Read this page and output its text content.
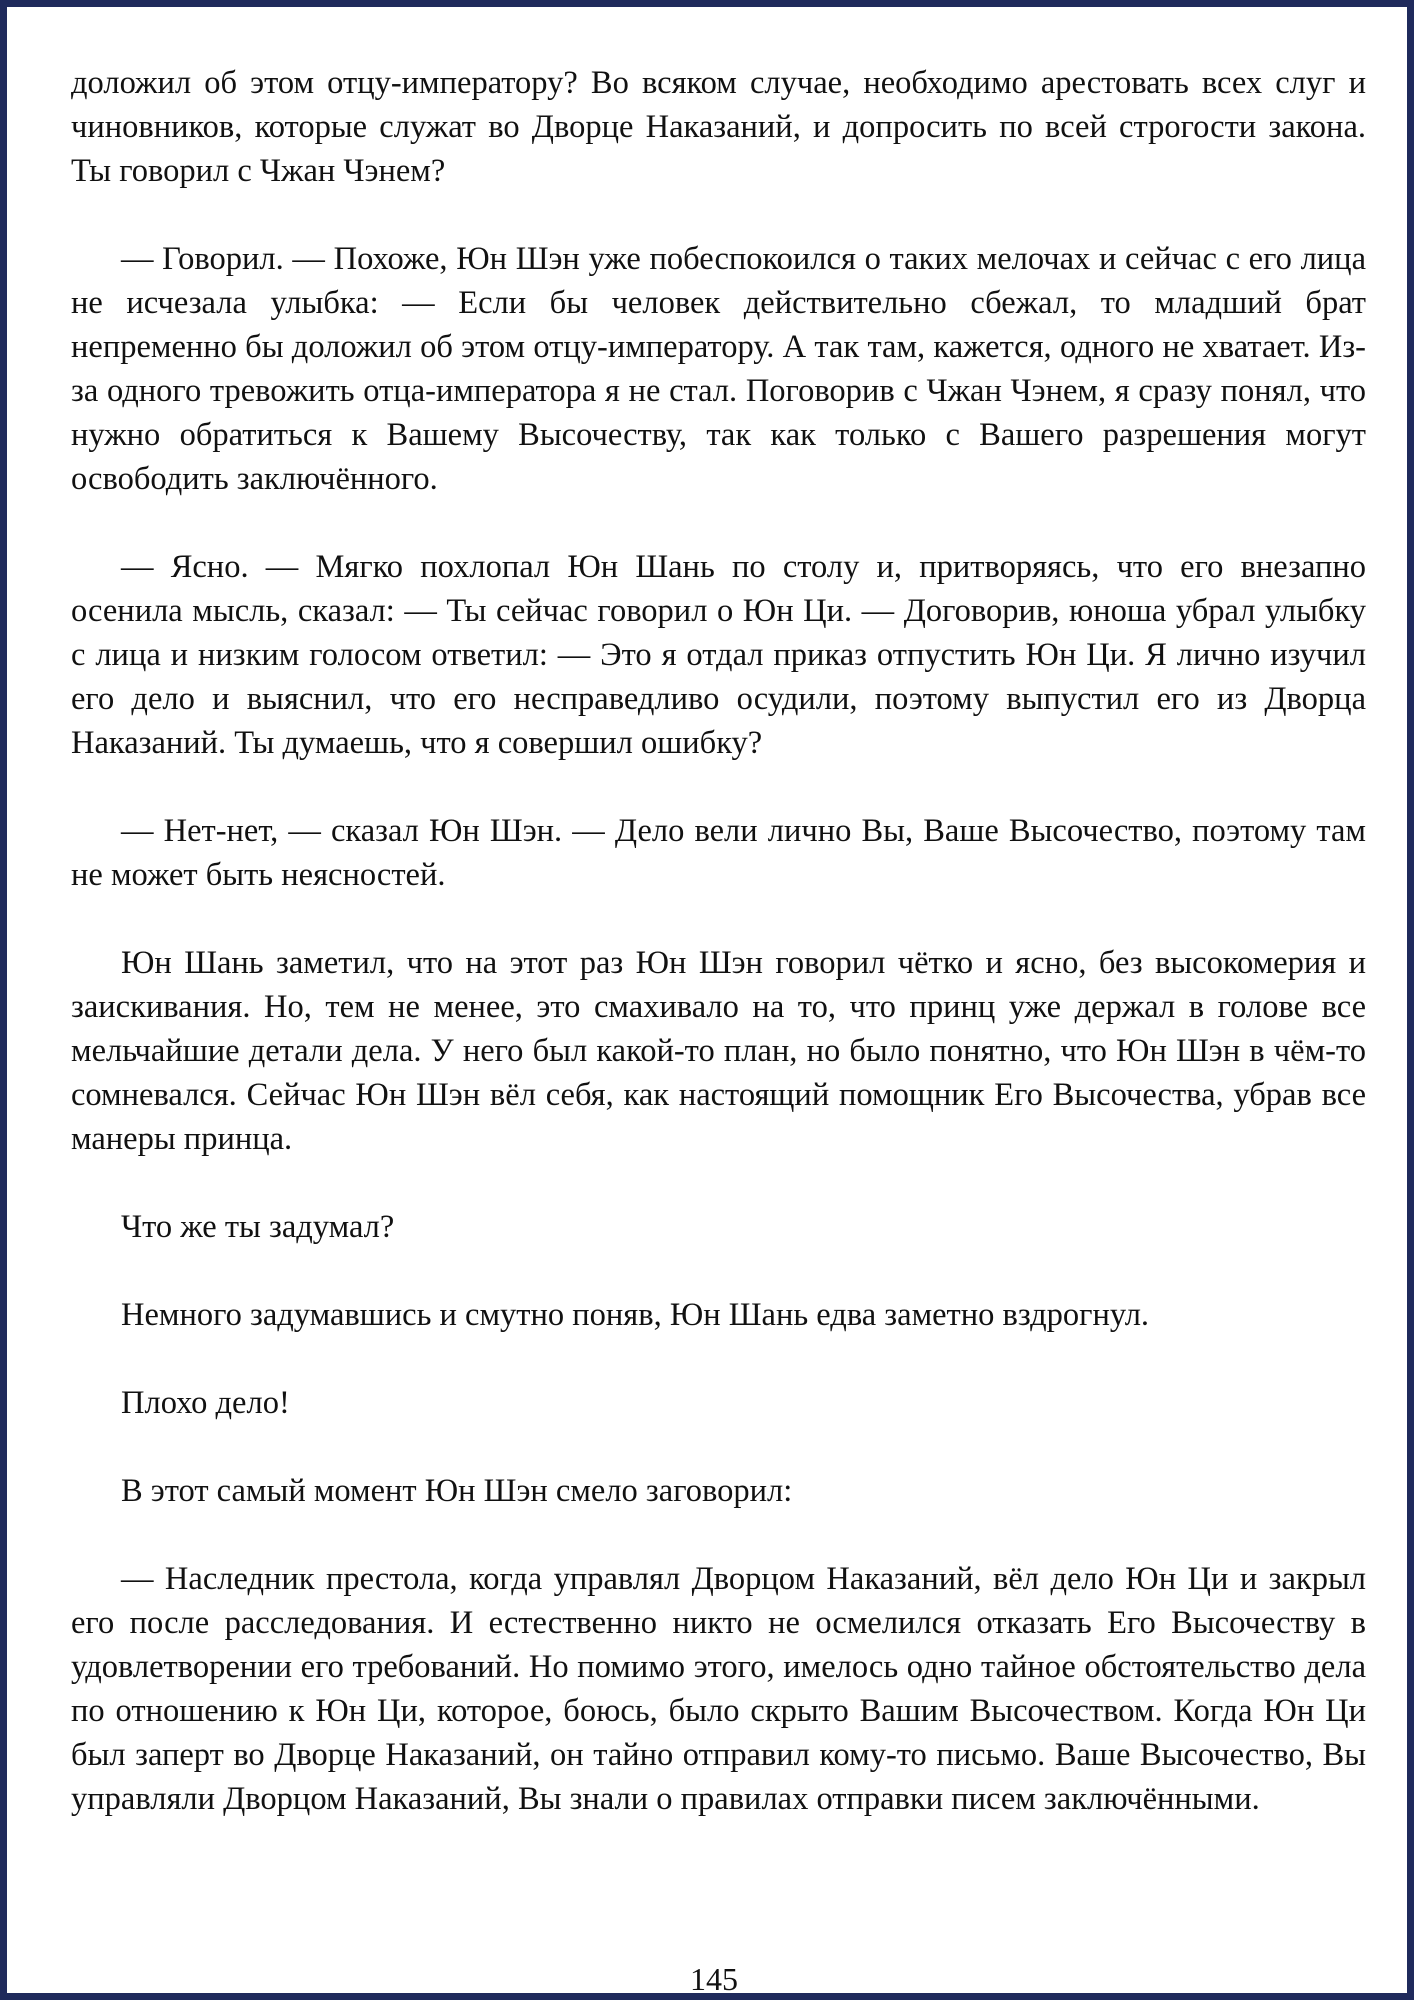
доложил об этом отцу-императору? Во всяком случае, необходимо арестовать всех слуг и чиновников, которые служат во Дворце Наказаний, и допросить по всей строгости закона. Ты говорил с Чжан Чэнем?

— Говорил. — Похоже, Юн Шэн уже побеспокоился о таких мелочах и сейчас с его лица не исчезала улыбка: — Если бы человек действительно сбежал, то младший брат непременно бы доложил об этом отцу-императору. А так там, кажется, одного не хватает. Из-за одного тревожить отца-императора я не стал. Поговорив с Чжан Чэнем, я сразу понял, что нужно обратиться к Вашему Высочеству, так как только с Вашего разрешения могут освободить заключённого.

— Ясно. — Мягко похлопал Юн Шань по столу и, притворяясь, что его внезапно осенила мысль, сказал: — Ты сейчас говорил о Юн Ци. — Договорив, юноша убрал улыбку с лица и низким голосом ответил: — Это я отдал приказ отпустить Юн Ци. Я лично изучил его дело и выяснил, что его несправедливо осудили, поэтому выпустил его из Дворца Наказаний. Ты думаешь, что я совершил ошибку?

— Нет-нет, — сказал Юн Шэн. — Дело вели лично Вы, Ваше Высочество, поэтому там не может быть неясностей.

Юн Шань заметил, что на этот раз Юн Шэн говорил чётко и ясно, без высокомерия и заискивания. Но, тем не менее, это смахивало на то, что принц уже держал в голове все мельчайшие детали дела. У него был какой-то план, но было понятно, что Юн Шэн в чём-то сомневался. Сейчас Юн Шэн вёл себя, как настоящий помощник Его Высочества, убрав все манеры принца.

Что же ты задумал?

Немного задумавшись и смутно поняв, Юн Шань едва заметно вздрогнул.

Плохо дело!

В этот самый момент Юн Шэн смело заговорил:

— Наследник престола, когда управлял Дворцом Наказаний, вёл дело Юн Ци и закрыл его после расследования. И естественно никто не осмелился отказать Его Высочеству в удовлетворении его требований. Но помимо этого, имелось одно тайное обстоятельство дела по отношению к Юн Ци, которое, боюсь, было скрыто Вашим Высочеством. Когда Юн Ци был заперт во Дворце Наказаний, он тайно отправил кому-то письмо. Ваше Высочество, Вы управляли Дворцом Наказаний, Вы знали о правилах отправки писем заключёнными.

145
